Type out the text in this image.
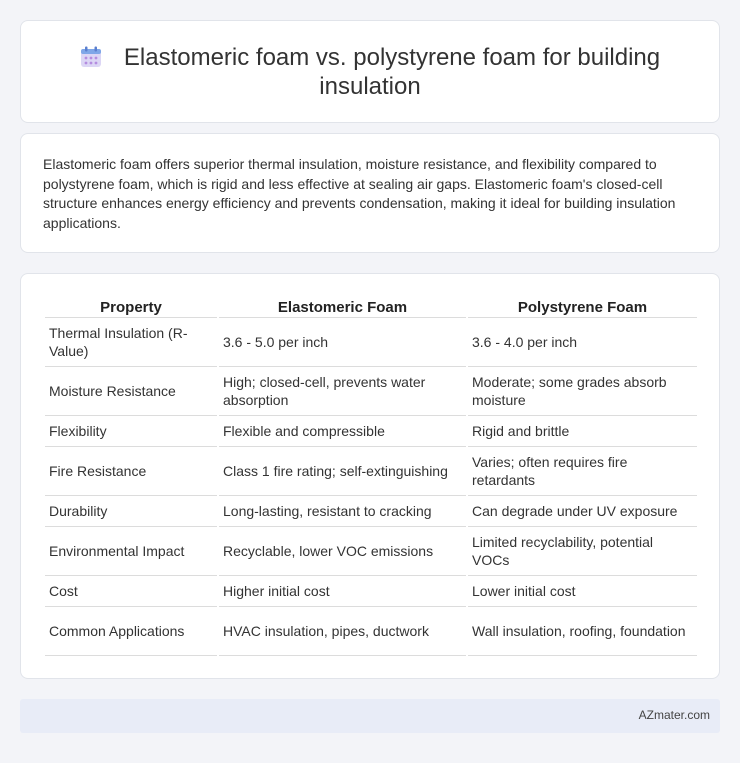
Elastomeric foam vs. polystyrene foam for building insulation

Elastomeric foam offers superior thermal insulation, moisture resistance, and flexibility compared to polystyrene foam, which is rigid and less effective at sealing air gaps. Elastomeric foam's closed-cell structure enhances energy efficiency and prevents condensation, making it ideal for building insulation applications.

Property	Elastomeric Foam	Polystyrene Foam
Thermal Insulation (R-Value)	3.6 - 5.0 per inch	3.6 - 4.0 per inch
Moisture Resistance	High; closed-cell, prevents water absorption	Moderate; some grades absorb moisture
Flexibility	Flexible and compressible	Rigid and brittle
Fire Resistance	Class 1 fire rating; self-extinguishing	Varies; often requires fire retardants
Durability	Long-lasting, resistant to cracking	Can degrade under UV exposure
Environmental Impact	Recyclable, lower VOC emissions	Limited recyclability, potential VOCs
Cost	Higher initial cost	Lower initial cost
Common Applications	HVAC insulation, pipes, ductwork	Wall insulation, roofing, foundation
AZmater.com
